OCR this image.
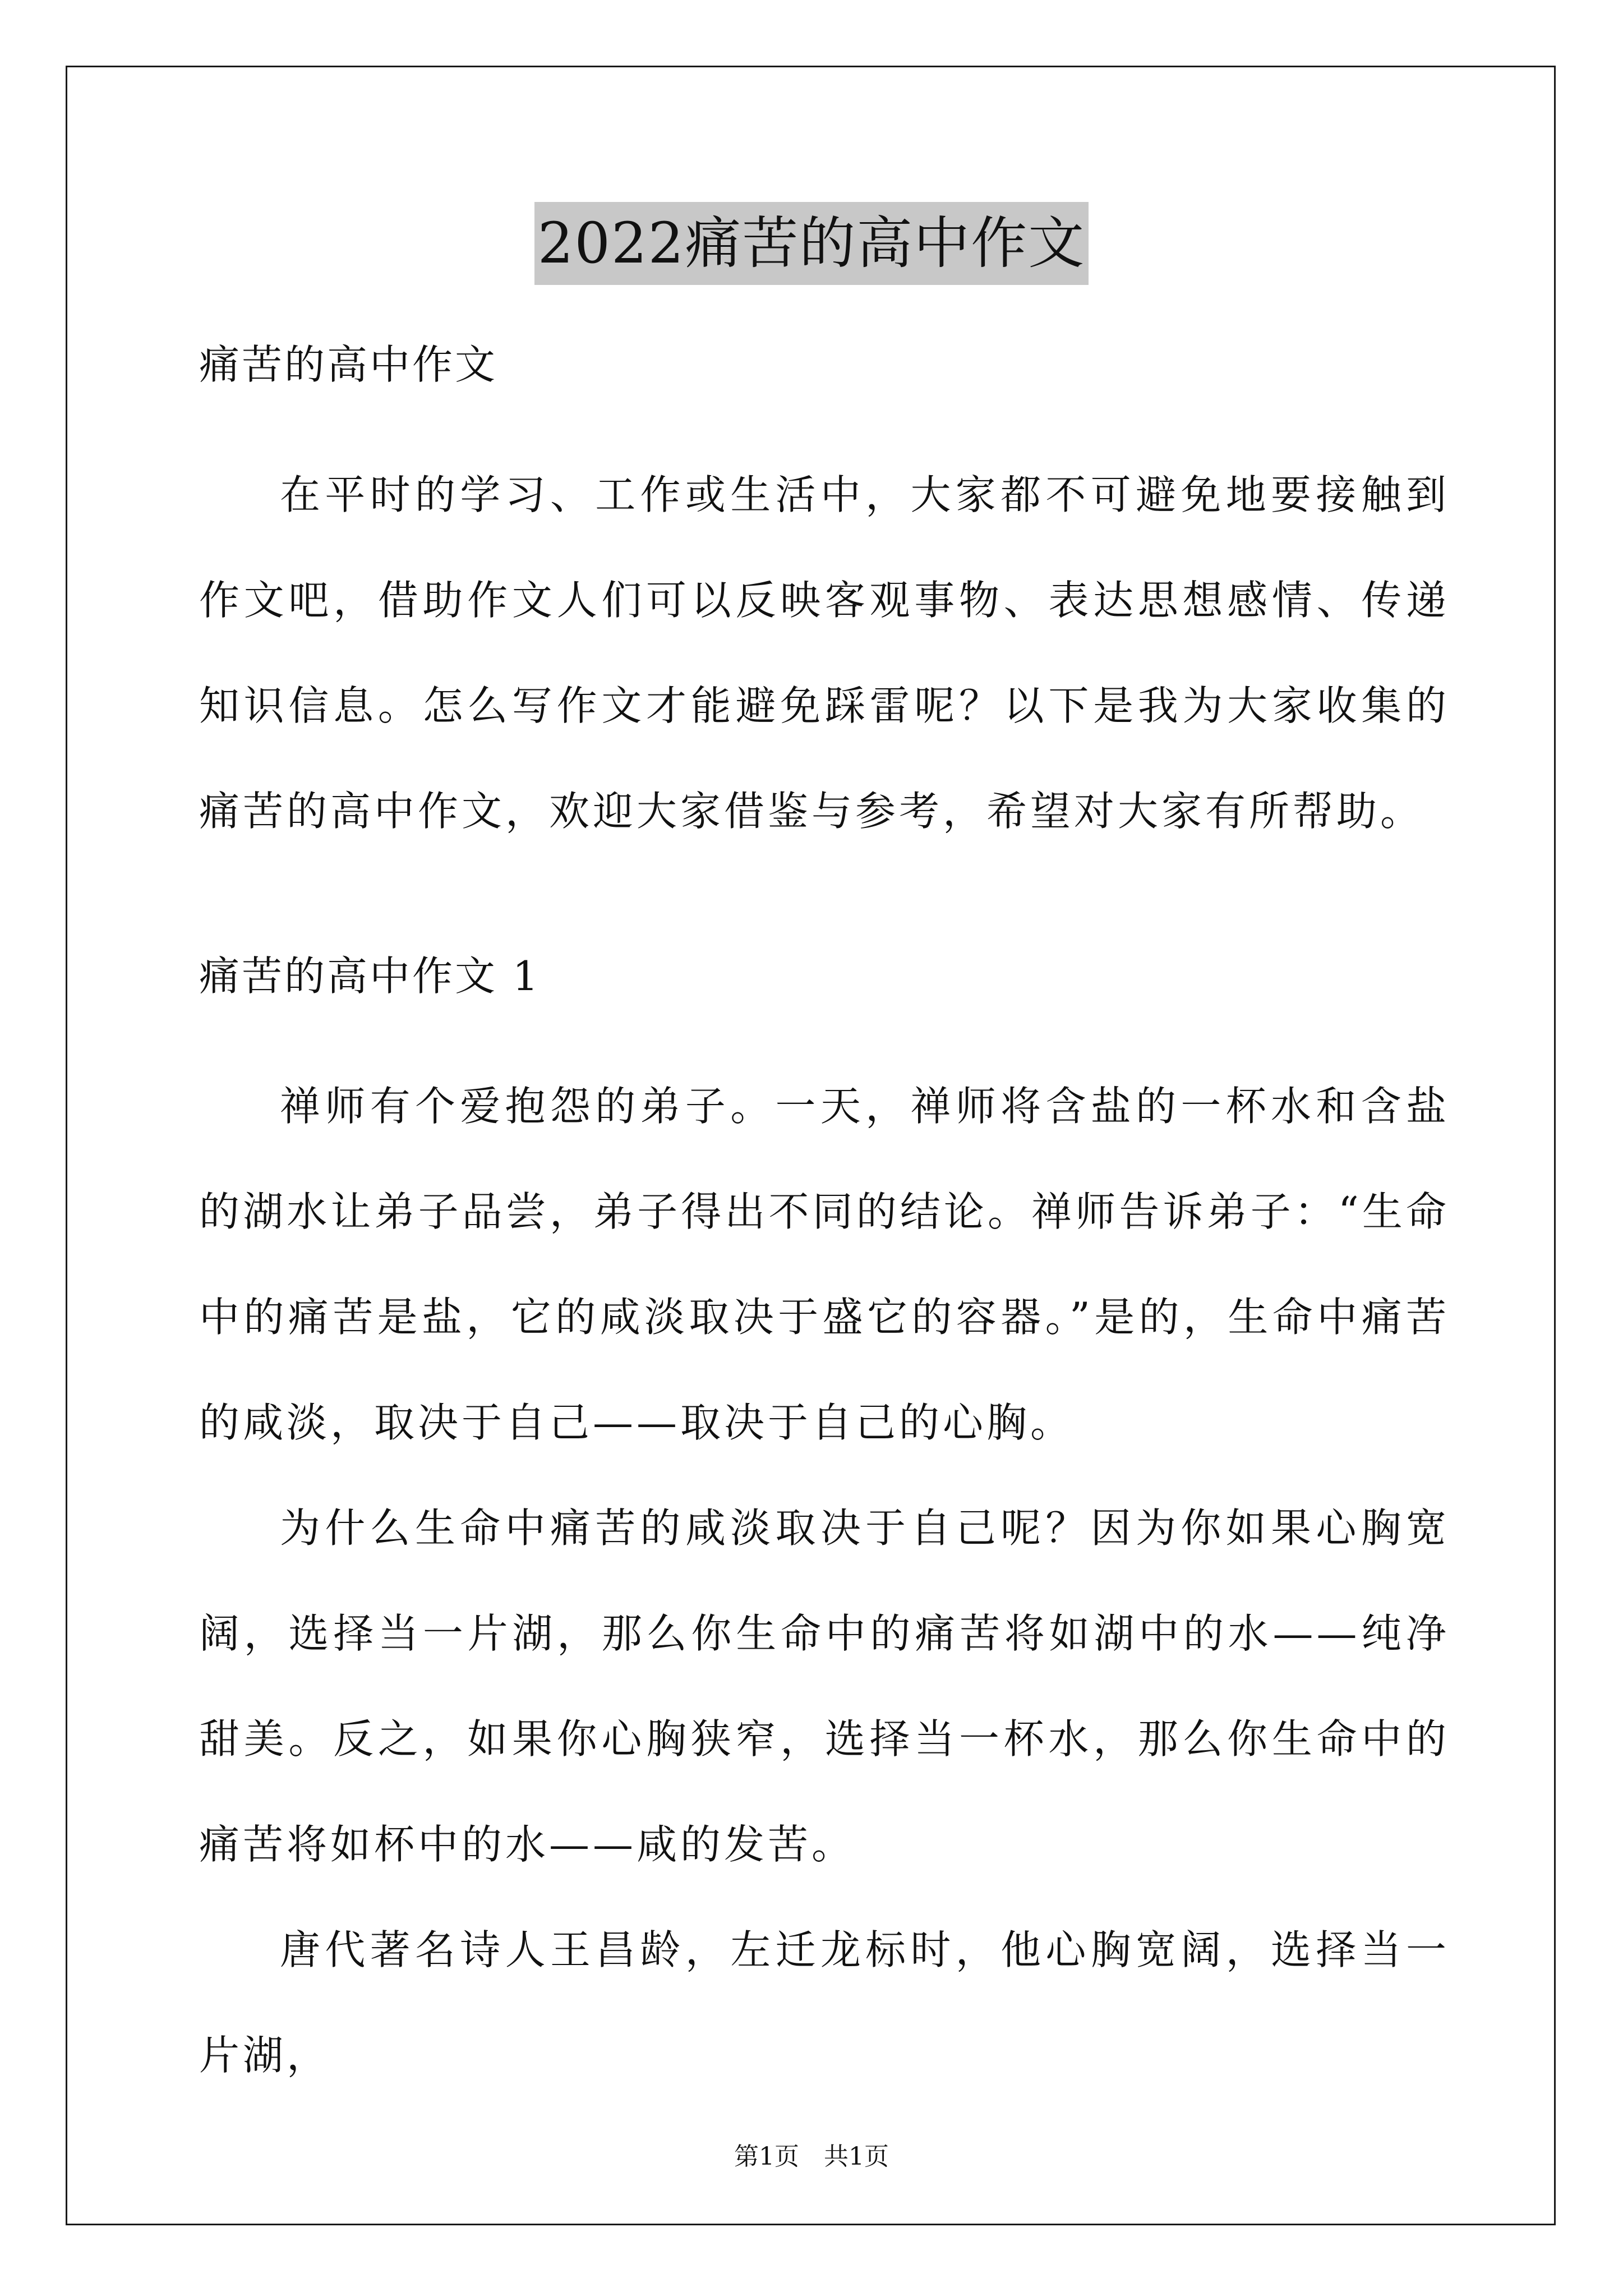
2022痛苦的高中作文

痛苦的高中作文

在平时的学习、工作或生活中，大家都不可避免地要接触到作文吧，借助作文人们可以反映客观事物、表达思想感情、传递知识信息。怎么写作文才能避免踩雷呢？以下是我为大家收集的痛苦的高中作文，欢迎大家借鉴与参考，希望对大家有所帮助。

痛苦的高中作文 1

禅师有个爱抱怨的弟子。一天，禅师将含盐的一杯水和含盐的湖水让弟子品尝，弟子得出不同的结论。禅师告诉弟子：“生命中的痛苦是盐，它的咸淡取决于盛它的容器。”是的，生命中痛苦的咸淡，取决于自己——取决于自己的心胸。

为什么生命中痛苦的咸淡取决于自己呢？因为你如果心胸宽阔，选择当一片湖，那么你生命中的痛苦将如湖中的水——纯净甜美。反之，如果你心胸狭窄，选择当一杯水，那么你生命中的痛苦将如杯中的水——咸的发苦。

唐代著名诗人王昌龄，左迁龙标时，他心胸宽阔，选择当一片湖，

第1页　共1页
